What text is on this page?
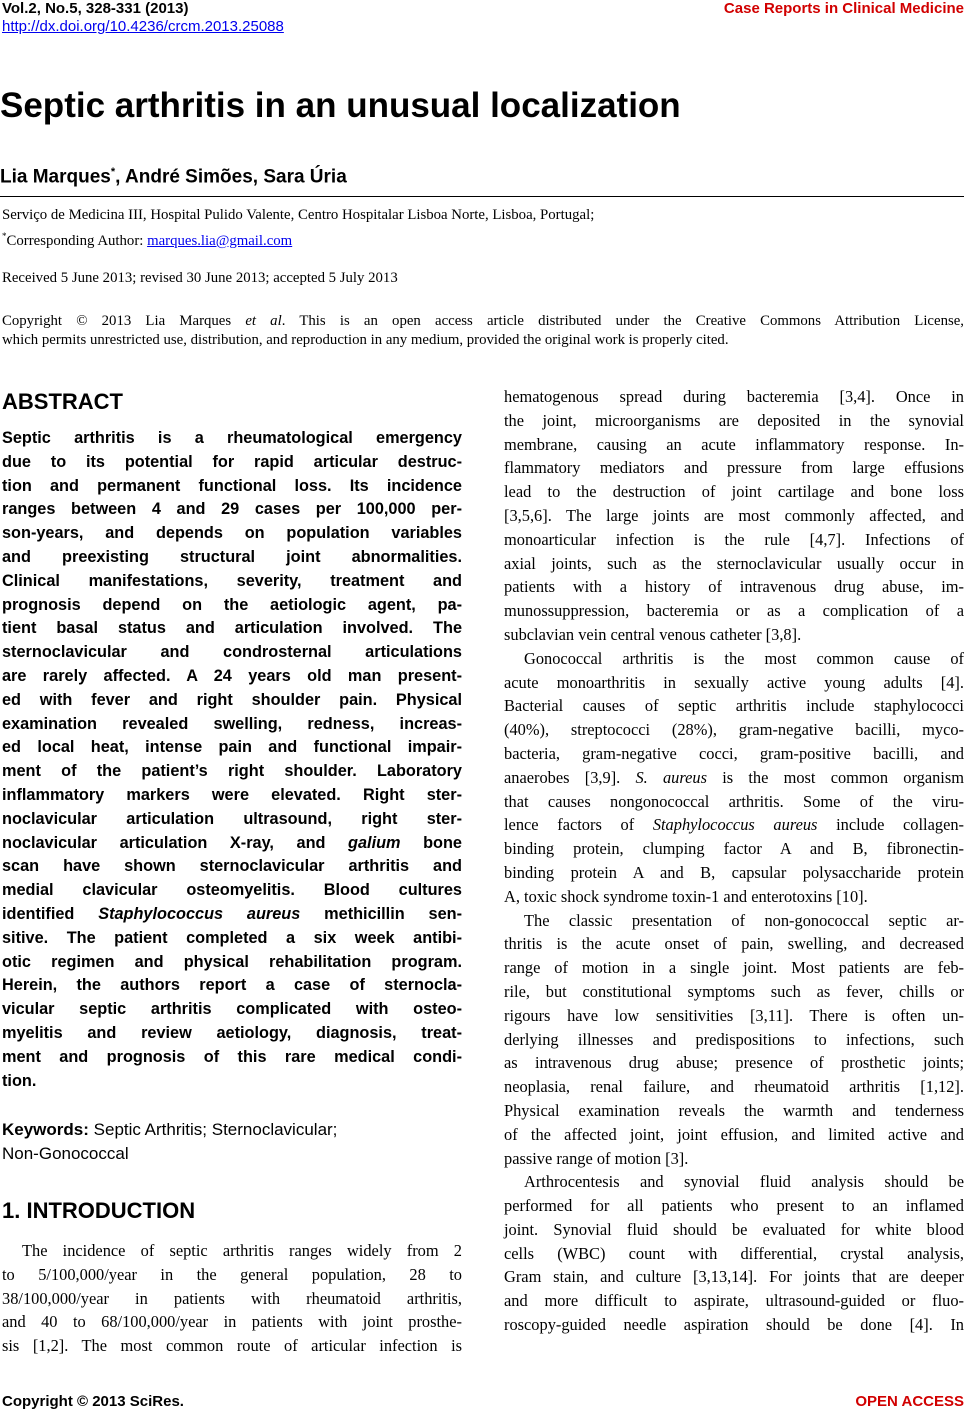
Vol.2, No.5, 328-331 (2013)
http://dx.doi.org/10.4236/crcm.2013.25088
Case Reports in Clinical Medicine
Septic arthritis in an unusual localization
Lia Marques*, André Simões, Sara Úria
Serviço de Medicina III, Hospital Pulido Valente, Centro Hospitalar Lisboa Norte, Lisboa, Portugal;
*Corresponding Author: marques.lia@gmail.com
Received 5 June 2013; revised 30 June 2013; accepted 5 July 2013
Copyright © 2013 Lia Marques et al. This is an open access article distributed under the Creative Commons Attribution License,
which permits unrestricted use, distribution, and reproduction in any medium, provided the original work is properly cited.
ABSTRACT
Septic arthritis is a rheumatological emergency
due to its potential for rapid articular destruc-
tion and permanent functional loss. Its incidence
ranges between 4 and 29 cases per 100,000 per-
son-years, and depends on population variables
and preexisting structural joint abnormalities.
Clinical manifestations, severity, treatment and
prognosis depend on the aetiologic agent, pa-
tient basal status and articulation involved. The
sternoclavicular and condrosternal articulations
are rarely affected. A 24 years old man present-
ed with fever and right shoulder pain. Physical
examination revealed swelling, redness, increas-
ed local heat, intense pain and functional impair-
ment of the patient’s right shoulder. Laboratory
inflammatory markers were elevated. Right ster-
noclavicular articulation ultrasound, right ster-
noclavicular articulation X-ray, and galium bone
scan have shown sternoclavicular arthritis and
medial clavicular osteomyelitis. Blood cultures
identified Staphylococcus aureus methicillin sen-
sitive. The patient completed a six week antibi-
otic regimen and physical rehabilitation program.
Herein, the authors report a case of sternocla-
vicular septic arthritis complicated with osteo-
myelitis and review aetiology, diagnosis, treat-
ment and prognosis of this rare medical condi-
tion.
Keywords: Septic Arthritis; Sternoclavicular;
Non-Gonococcal
1. INTRODUCTION
The incidence of septic arthritis ranges widely from 2
to 5/100,000/year in the general population, 28 to
38/100,000/year in patients with rheumatoid arthritis,
and 40 to 68/100,000/year in patients with joint prosthe-
sis [1,2]. The most common route of articular infection is
hematogenous spread during bacteremia [3,4]. Once in
the joint, microorganisms are deposited in the synovial
membrane, causing an acute inflammatory response. In-
flammatory mediators and pressure from large effusions
lead to the destruction of joint cartilage and bone loss
[3,5,6]. The large joints are most commonly affected, and
monoarticular infection is the rule [4,7]. Infections of
axial joints, such as the sternoclavicular usually occur in
patients with a history of intravenous drug abuse, im-
munossuppression, bacteremia or as a complication of a
subclavian vein central venous catheter [3,8].
Gonococcal arthritis is the most common cause of
acute monoarthritis in sexually active young adults [4].
Bacterial causes of septic arthritis include staphylococci
(40%), streptococci (28%), gram-negative bacilli, myco-
bacteria, gram-negative cocci, gram-positive bacilli, and
anaerobes [3,9]. S. aureus is the most common organism
that causes nongonococcal arthritis. Some of the viru-
lence factors of Staphylococcus aureus include collagen-
binding protein, clumping factor A and B, fibronectin-
binding protein A and B, capsular polysaccharide protein
A, toxic shock syndrome toxin-1 and enterotoxins [10].
The classic presentation of non-gonococcal septic ar-
thritis is the acute onset of pain, swelling, and decreased
range of motion in a single joint. Most patients are feb-
rile, but constitutional symptoms such as fever, chills or
rigours have low sensitivities [3,11]. There is often un-
derlying illnesses and predispositions to infections, such
as intravenous drug abuse; presence of prosthetic joints;
neoplasia, renal failure, and rheumatoid arthritis [1,12].
Physical examination reveals the warmth and tenderness
of the affected joint, joint effusion, and limited active and
passive range of motion [3].
Arthrocentesis and synovial fluid analysis should be
performed for all patients who present to an inflamed
joint. Synovial fluid should be evaluated for white blood
cells (WBC) count with differential, crystal analysis,
Gram stain, and culture [3,13,14]. For joints that are deeper
and more difficult to aspirate, ultrasound-guided or fluo-
roscopy-guided needle aspiration should be done [4]. In
Copyright © 2013 SciRes.	OPEN ACCESS
